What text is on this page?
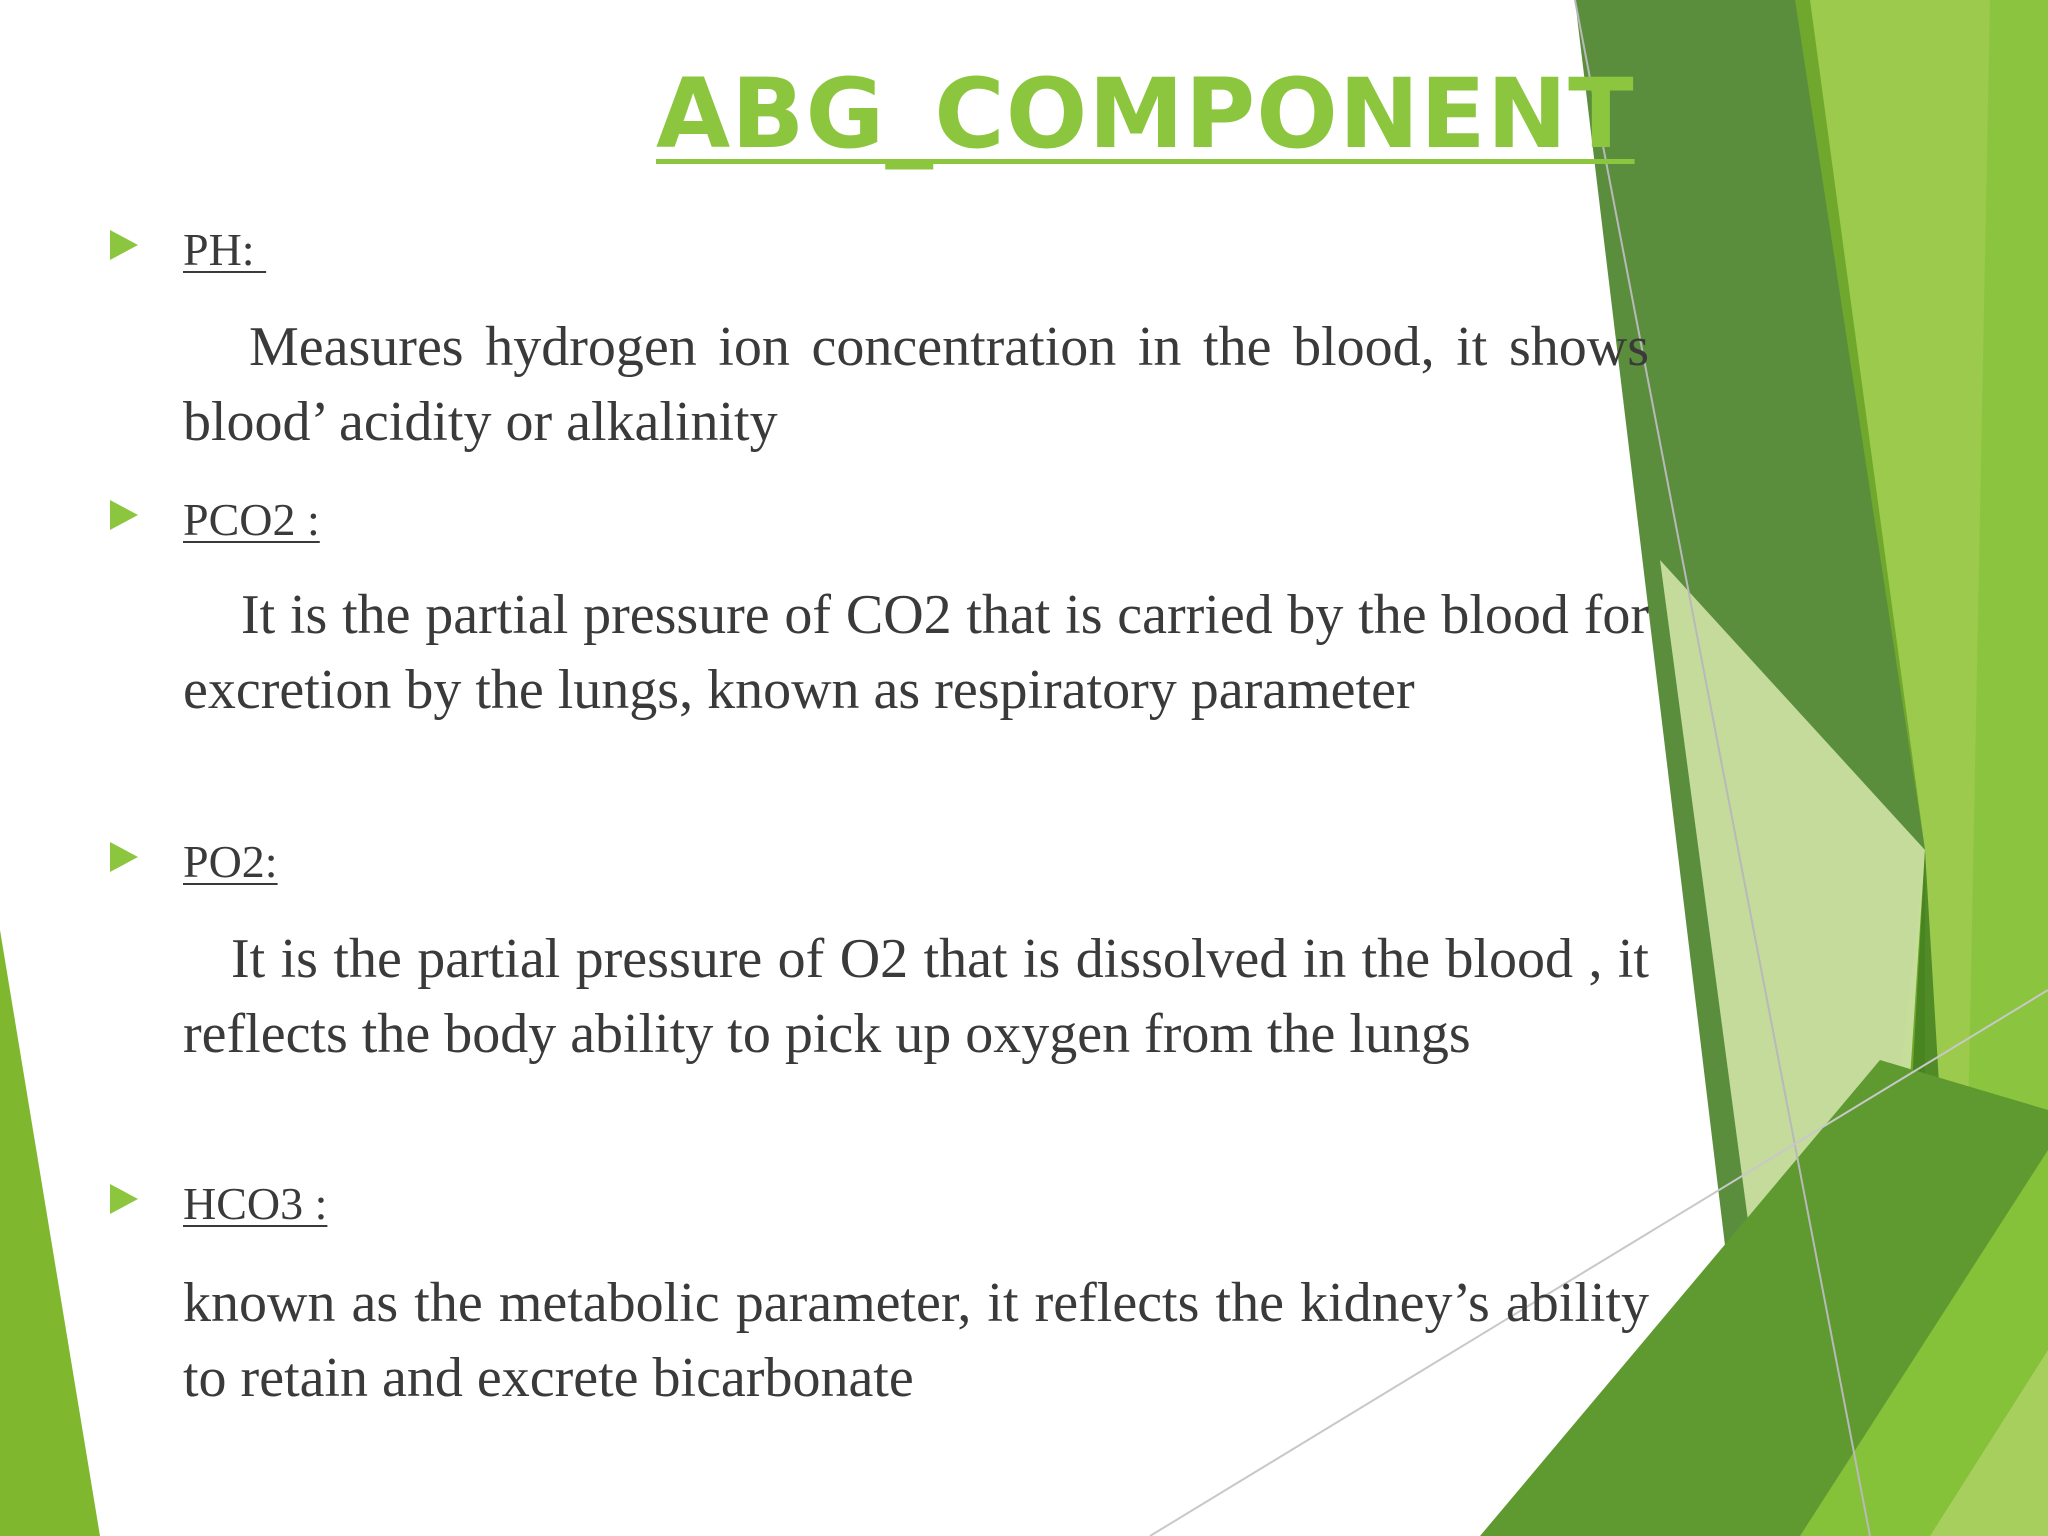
ABG_COMPONENT

PH:

Measures hydrogen ion concentration in the blood, it shows blood’ acidity or alkalinity

PCO2 :

It is the partial pressure of CO2 that is carried by the blood for excretion by the lungs, known as respiratory parameter

PO2:

It is the partial pressure of O2 that is dissolved in the blood , it reflects the body ability to pick up oxygen from the lungs

HCO3 :

known as the metabolic parameter, it reflects the kidney’s ability to retain and excrete bicarbonate
